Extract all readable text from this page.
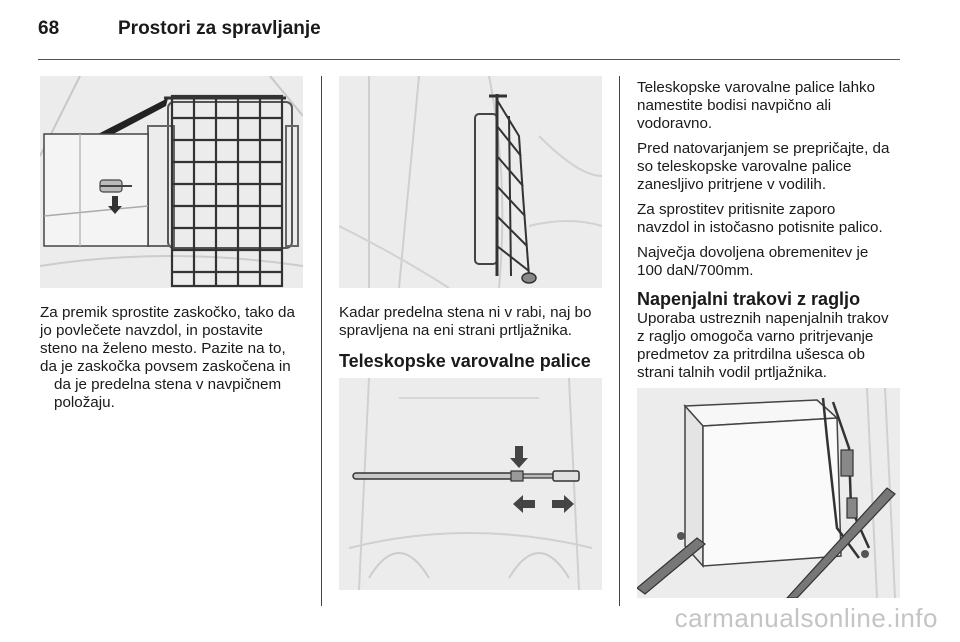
68	Prostori za spravljanje

Za premik sprostite zaskočko, tako da
jo povlečete navzdol, in postavite
steno na želeno mesto. Pazite na to,
da je zaskočka povsem zaskočena in
da je predelna stena v navpičnem
položaju.

Kadar predelna stena ni v rabi, naj bo
spravljena na eni strani prtljažnika.

Teleskopske varovalne palice

Teleskopske varovalne palice lahko
namestite bodisi navpično ali
vodoravno.

Pred natovarjanjem se prepričajte, da
so teleskopske varovalne palice
zanesljivo pritrjene v vodilih.

Za sprostitev pritisnite zaporo
navzdol in istočasno potisnite palico.

Največja dovoljena obremenitev je
100 daN/700mm.

Napenjalni trakovi z ragljo

Uporaba ustreznih napenjalnih trakov
z ragljo omogoča varno pritrjevanje
predmetov za pritrdilna ušesca ob
strani talnih vodil prtljažnika.

carmanualsonline.info
